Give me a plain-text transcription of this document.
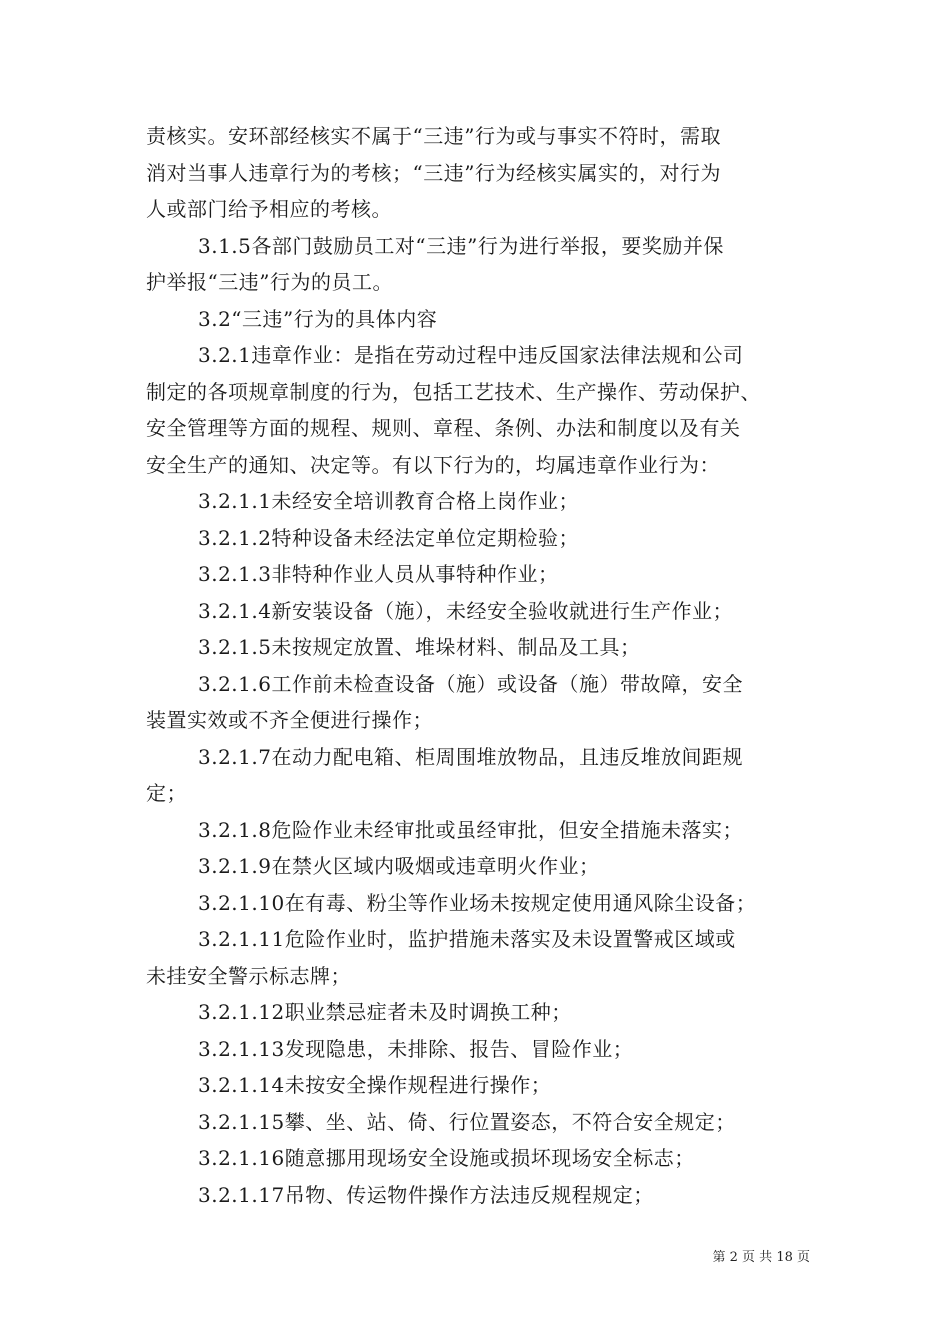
责核实。安环部经核实不属于“三违”行为或与事实不符时，需取
消对当事人违章行为的考核；“三违”行为经核实属实的，对行为
人或部门给予相应的考核。
3.1.5各部门鼓励员工对“三违”行为进行举报，要奖励并保
护举报“三违”行为的员工。
3.2“三违”行为的具体内容
3.2.1违章作业：是指在劳动过程中违反国家法律法规和公司
制定的各项规章制度的行为，包括工艺技术、生产操作、劳动保护、
安全管理等方面的规程、规则、章程、条例、办法和制度以及有关
安全生产的通知、决定等。有以下行为的，均属违章作业行为：
3.2.1.1未经安全培训教育合格上岗作业；
3.2.1.2特种设备未经法定单位定期检验；
3.2.1.3非特种作业人员从事特种作业；
3.2.1.4新安装设备（施），未经安全验收就进行生产作业；
3.2.1.5未按规定放置、堆垛材料、制品及工具；
3.2.1.6工作前未检查设备（施）或设备（施）带故障，安全
装置实效或不齐全便进行操作；
3.2.1.7在动力配电箱、柜周围堆放物品，且违反堆放间距规
定；
3.2.1.8危险作业未经审批或虽经审批，但安全措施未落实；
3.2.1.9在禁火区域内吸烟或违章明火作业；
3.2.1.10在有毒、粉尘等作业场未按规定使用通风除尘设备；
3.2.1.11危险作业时，监护措施未落实及未设置警戒区域或
未挂安全警示标志牌；
3.2.1.12职业禁忌症者未及时调换工种；
3.2.1.13发现隐患，未排除、报告、冒险作业；
3.2.1.14未按安全操作规程进行操作；
3.2.1.15攀、坐、站、倚、行位置姿态，不符合安全规定；
3.2.1.16随意挪用现场安全设施或损坏现场安全标志；
3.2.1.17吊物、传运物件操作方法违反规程规定；
第 2 页 共 18 页
